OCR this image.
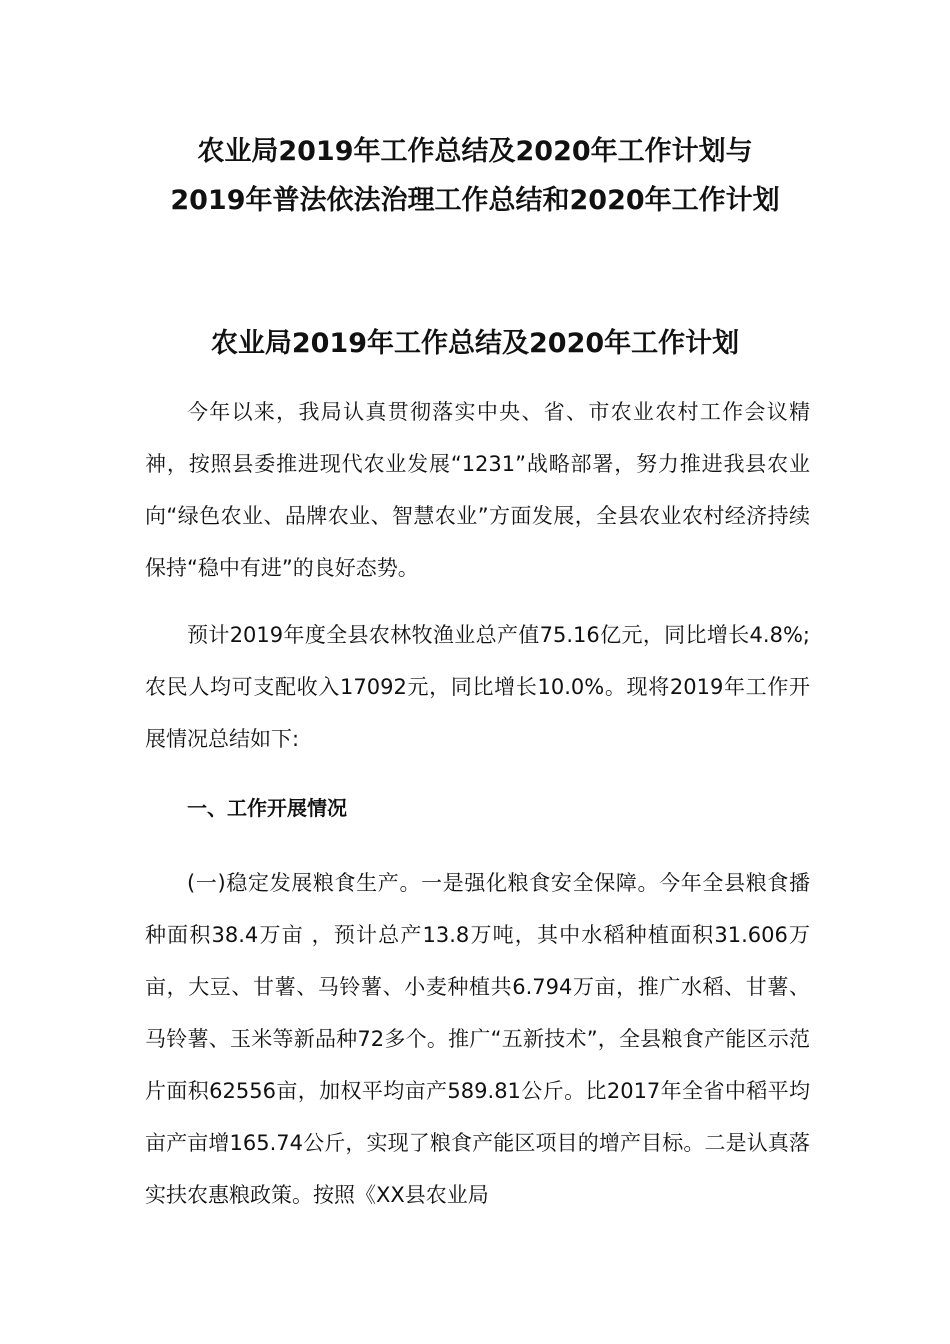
农业局2019年工作总结及2020年工作计划与
2019年普法依法治理工作总结和2020年工作计划
农业局2019年工作总结及2020年工作计划

今年以来，我局认真贯彻落实中央、省、市农业农村工作会议精神，按照县委推进现代农业发展“1231”战略部署，努力推进我县农业向“绿色农业、品牌农业、智慧农业”方面发展，全县农业农村经济持续保持“稳中有进”的良好态势。

预计2019年度全县农林牧渔业总产值75.16亿元，同比增长4.8%;农民人均可支配收入17092元，同比增长10.0%。现将2019年工作开展情况总结如下:

一、工作开展情况

(一)稳定发展粮食生产。一是强化粮食安全保障。今年全县粮食播种面积38.4万亩 ，预计总产13.8万吨，其中水稻种植面积31.606万亩，大豆、甘薯、马铃薯、小麦种植共6.794万亩，推广水稻、甘薯、马铃薯、玉米等新品种72多个。推广“五新技术”，全县粮食产能区示范片面积62556亩，加权平均亩产589.81公斤。比2017年全省中稻平均亩产亩增165.74公斤，实现了粮食产能区项目的增产目标。二是认真落实扶农惠粮政策。按照《XX县农业局
